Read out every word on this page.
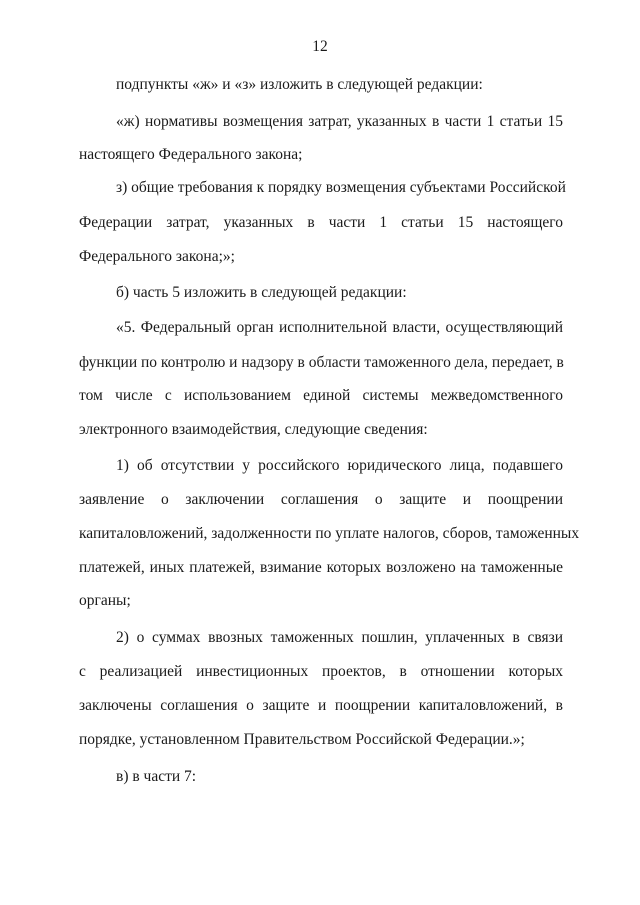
12
подпункты «ж» и «з» изложить в следующей редакции:
«ж) нормативы возмещения затрат, указанных в части 1 статьи 15
настоящего Федерального закона;
з) общие требования к порядку возмещения субъектами Российской
Федерации затрат, указанных в части 1 статьи 15 настоящего
Федерального закона;»;
б) часть 5 изложить в следующей редакции:
«5. Федеральный орган исполнительной власти, осуществляющий
функции по контролю и надзору в области таможенного дела, передает, в
том числе с использованием единой системы межведомственного
электронного взаимодействия, следующие сведения:
1) об отсутствии у российского юридического лица, подавшего
заявление о заключении соглашения о защите и поощрении
капиталовложений, задолженности по уплате налогов, сборов, таможенных
платежей, иных платежей, взимание которых возложено на таможенные
органы;
2) о суммах ввозных таможенных пошлин, уплаченных в связи
с реализацией инвестиционных проектов, в отношении которых
заключены соглашения о защите и поощрении капиталовложений, в
порядке, установленном Правительством Российской Федерации.»;
в) в части 7:
